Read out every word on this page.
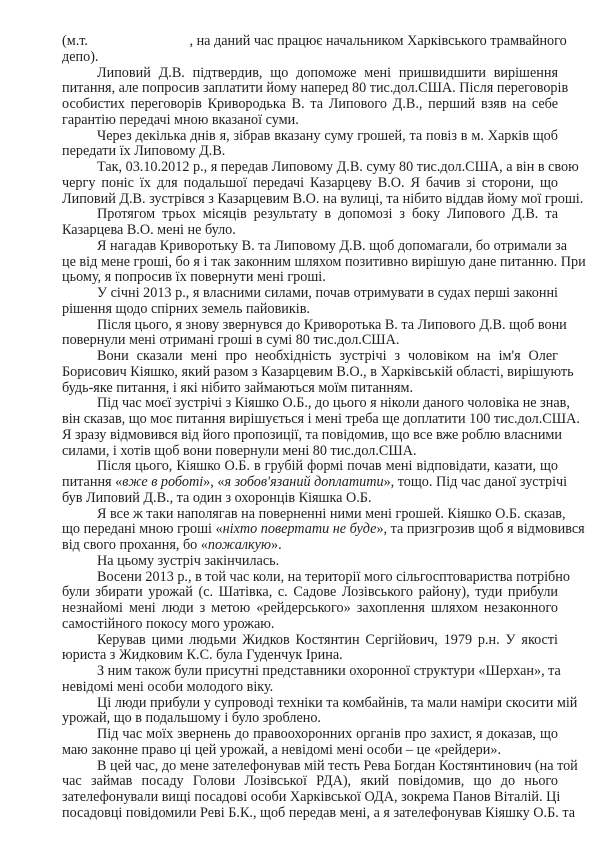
(м.т.	, на даний час працює начальником Харківського трамвайного
депо).
Липовий Д.В. підтвердив, що допоможе мені пришвидшити вирішення
питання, але попросив заплатити йому наперед 80 тис.дол.США. Після переговорів
особистих переговорів Кривородька В. та Липового Д.В., перший взяв на себе
гарантію передачі мною вказаної суми.
Через декілька днів я, зібрав вказану суму грошей, та повіз в м. Харків щоб
передати їх Липовому Д.В.
Так, 03.10.2012 р., я передав Липовому Д.В. суму 80 тис.дол.США, а він в свою
чергу поніс їх для подальшої передачі Казарцеву В.О. Я бачив зі сторони, що
Липовий Д.В. зустрівся з Казарцевим В.О. на вулиці, та нібито віддав йому мої гроші.
Протягом трьох місяців результату в допомозі з боку Липового Д.В. та
Казарцева В.О. мені не було.
Я нагадав Криворотьку В. та Липовому Д.В. щоб допомагали, бо отримали за
це від мене гроші, бо я і так законним шляхом позитивно вирішую дане питанню. При
цьому, я попросив їх повернути мені гроші.
У січні 2013 р., я власними силами, почав отримувати в судах перші законні
рішення щодо спірних земель пайовиків.
Після цього, я знову звернувся до Криворотька В. та Липового Д.В. щоб вони
повернули мені отримані гроші в сумі 80 тис.дол.США.
Вони сказали мені про необхідність зустрічі з чоловіком на ім'я Олег
Борисович Кіяшко, який разом з Казарцевим В.О., в Харківській області, вирішують
будь-яке питання, і які нібито займаються моїм питанням.
Під час моєї зустрічі з Кіяшко О.Б., до цього я ніколи даного чоловіка не знав,
він сказав, що моє питання вирішується і мені треба ще доплатити 100 тис.дол.США.
Я зразу відмовився від його пропозиції, та повідомив, що все вже роблю власними
силами, і хотів щоб вони повернули мені 80 тис.дол.США.
Після цього, Кіяшко О.Б. в грубій формі почав мені відповідати, казати, що
питання «вже в роботі», «я зобов'язаний доплатити», тощо. Під час даної зустрічі
був Липовий Д.В., та один з охоронців Кіяшка О.Б.
Я все ж таки наполягав на поверненні ними мені грошей. Кіяшко О.Б. сказав,
що передані мною гроші «ніхто повертати не буде», та призгрозив щоб я відмовився
від свого прохання, бо «пожалкую».
На цьому зустріч закінчилась.
Восени 2013 р., в той час коли, на території мого сільгосптовариства потрібно
були збирати урожай (с. Шатівка, с. Садове Лозівського району), туди прибули
незнайомі мені люди з метою «рейдерського» захоплення шляхом незаконного
самостійного покосу мого урожаю.
Керував цими людьми Жидков Костянтин Сергійович, 1979 р.н. У якості
юриста з Жидковим К.С. була Гуденчук Ірина.
З ним також були присутні представники охоронної структури «Шерхан», та
невідомі мені особи молодого віку.
Ці люди прибули у супроводі техніки та комбайнів, та мали наміри скосити мій
урожай, що в подальшому і було зроблено.
Під час моїх звернень до правоохоронних органів про захист, я доказав, що
маю законне право ці цей урожай, а невідомі мені особи – це «рейдери».
В цей час, до мене зателефонував мій тесть Рева Богдан Костянтинович (на той
час займав посаду Голови Лозівської РДА), який повідомив, що до нього
зателефонували вищі посадові особи Харківської ОДА, зокрема Панов Віталій. Ці
посадовці повідомили Реві Б.К., щоб передав мені, а я зателефонував Кіяшку О.Б. та
